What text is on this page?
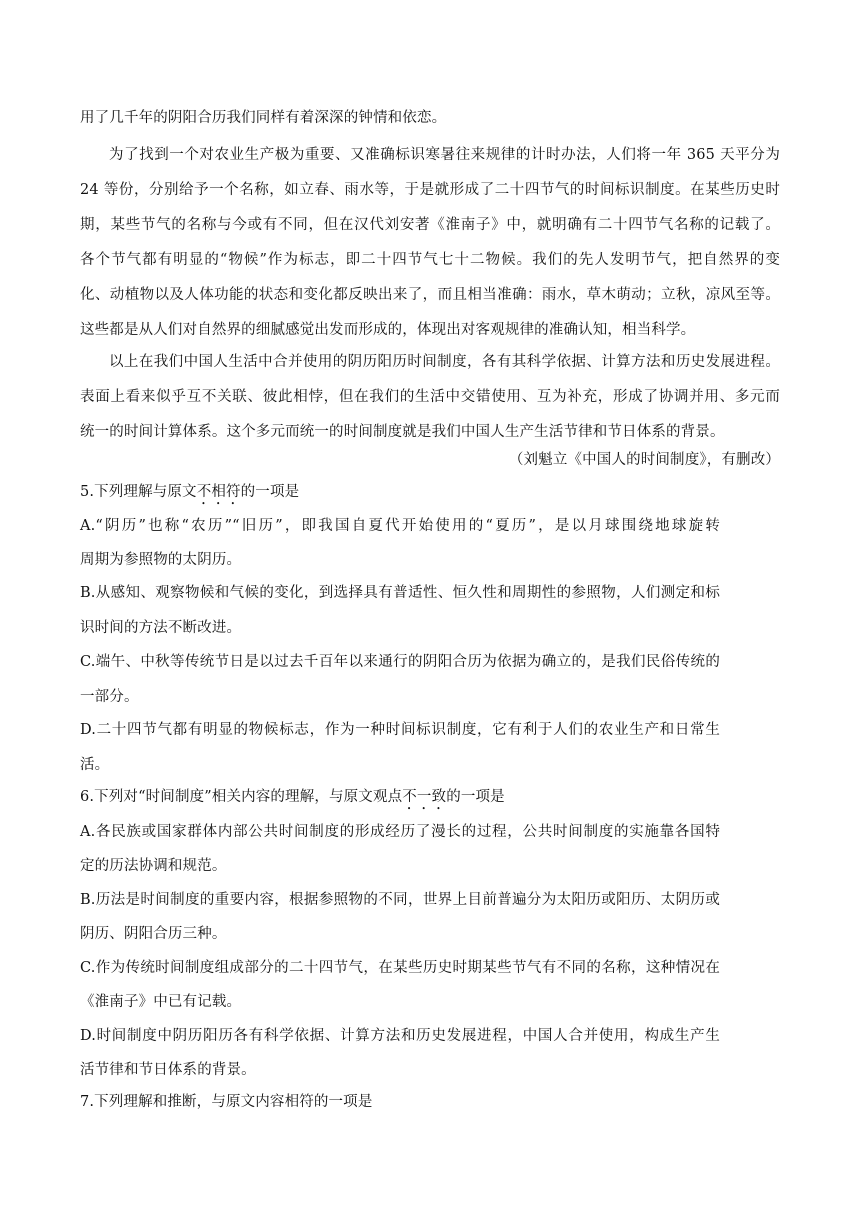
用了几千年的阴阳合历我们同样有着深深的钟情和依恋。
为了找到一个对农业生产极为重要、又准确标识寒暑往来规律的计时办法，人们将一年 365 天平分为
24 等份，分别给予一个名称，如立春、雨水等，于是就形成了二十四节气的时间标识制度。在某些历史时
期，某些节气的名称与今或有不同，但在汉代刘安著《淮南子》中，就明确有二十四节气名称的记载了。
各个节气都有明显的“物候”作为标志，即二十四节气七十二物候。我们的先人发明节气，把自然界的变
化、动植物以及人体功能的状态和变化都反映出来了，而且相当准确：雨水，草木萌动；立秋，凉风至等。
这些都是从人们对自然界的细腻感觉出发而形成的，体现出对客观规律的准确认知，相当科学。
以上在我们中国人生活中合并使用的阴历阳历时间制度，各有其科学依据、计算方法和历史发展进程。
表面上看来似乎互不关联、彼此相悖，但在我们的生活中交错使用、互为补充，形成了协调并用、多元而
统一的时间计算体系。这个多元而统一的时间制度就是我们中国人生产生活节律和节日体系的背景。
（刘魁立《中国人的时间制度》，有删改）
5.下列理解与原文不相符的一项是
A.“阴历”也称“农历”“旧历”，即我国自夏代开始使用的“夏历”，是以月球围绕地球旋转
周期为参照物的太阴历。
B.从感知、观察物候和气候的变化，到选择具有普适性、恒久性和周期性的参照物，人们测定和标
识时间的方法不断改进。
C.端午、中秋等传统节日是以过去千百年以来通行的阴阳合历为依据为确立的，是我们民俗传统的
一部分。
D.二十四节气都有明显的物候标志，作为一种时间标识制度，它有利于人们的农业生产和日常生
活。
6.下列对“时间制度”相关内容的理解，与原文观点不一致的一项是
A.各民族或国家群体内部公共时间制度的形成经历了漫长的过程，公共时间制度的实施靠各国特
定的历法协调和规范。
B.历法是时间制度的重要内容，根据参照物的不同，世界上目前普遍分为太阳历或阳历、太阴历或
阴历、阴阳合历三种。
C.作为传统时间制度组成部分的二十四节气，在某些历史时期某些节气有不同的名称，这种情况在
《淮南子》中已有记载。
D.时间制度中阴历阳历各有科学依据、计算方法和历史发展进程，中国人合并使用，构成生产生
活节律和节日体系的背景。
7.下列理解和推断，与原文内容相符的一项是
